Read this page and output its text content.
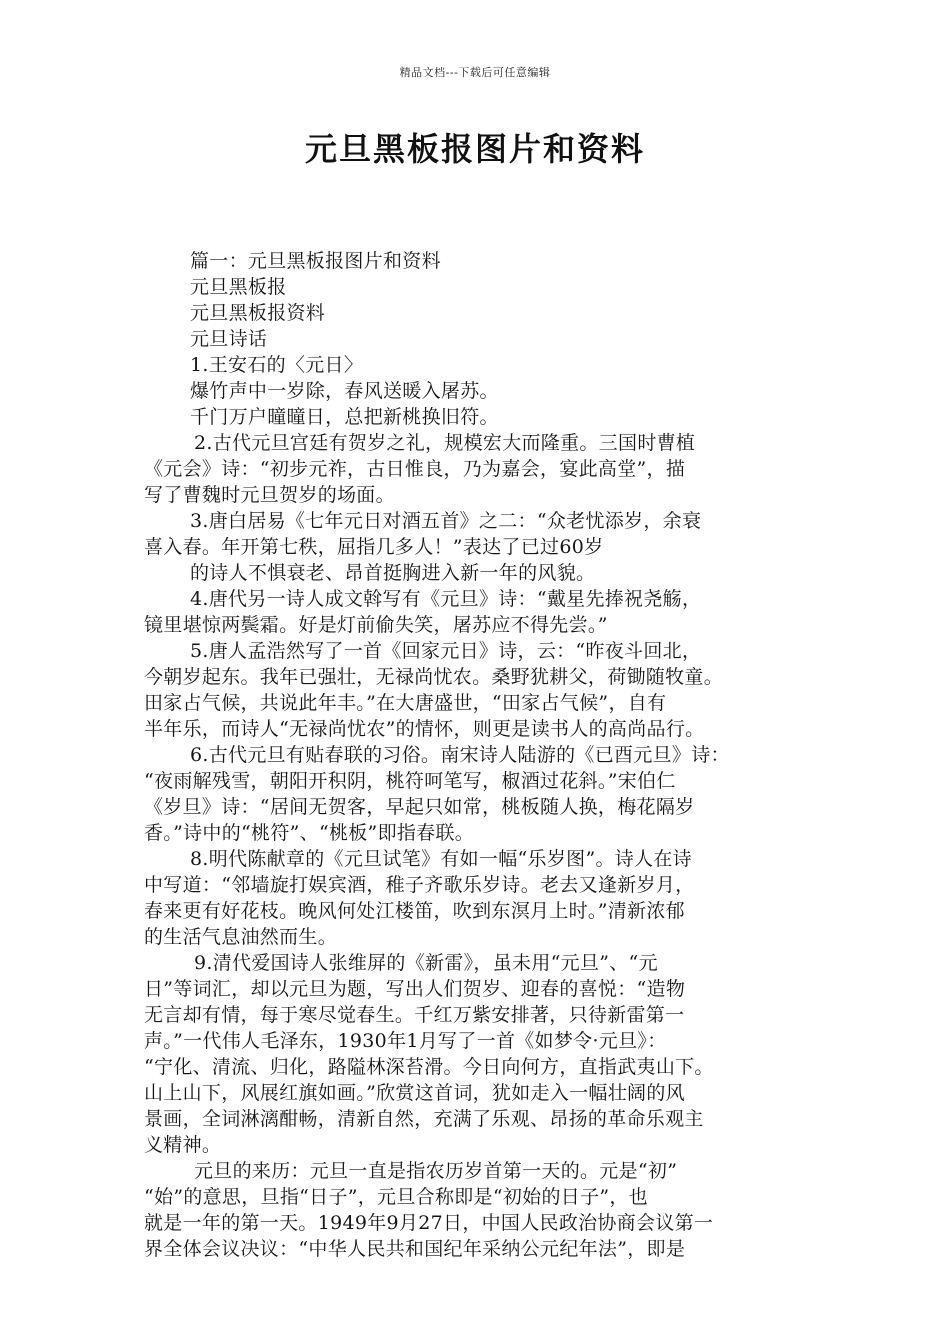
精品文档---下载后可任意编辑
元旦黑板报图片和资料
篇一：元旦黑板报图片和资料
元旦黑板报
元旦黑板报资料
元旦诗话
1.王安石的〈元日〉
爆竹声中一岁除，春风送暖入屠苏。
千门万户曈曈日，总把新桃换旧符。
2.古代元旦宫廷有贺岁之礼，规模宏大而隆重。三国时曹植
《元会》诗：“初步元祚，古日惟良，乃为嘉会，宴此高堂”，描
写了曹魏时元旦贺岁的场面。
3.唐白居易《七年元日对酒五首》之二：“众老忧添岁，余衰
喜入春。年开第七秩，屈指几多人！”表达了已过60岁
的诗人不惧衰老、昂首挺胸进入新一年的风貌。
4.唐代另一诗人成文斡写有《元旦》诗：“戴星先捧祝尧觞，
镜里堪惊两鬓霜。好是灯前偷失笑，屠苏应不得先尝。”
5.唐人孟浩然写了一首《回家元日》诗，云：“昨夜斗回北，
今朝岁起东。我年已强壮，无禄尚忧农。桑野犹耕父，荷锄随牧童。
田家占气候，共说此年丰。”在大唐盛世，“田家占气候”，自有
半年乐，而诗人“无禄尚忧农”的情怀，则更是读书人的高尚品行。
6.古代元旦有贴春联的习俗。南宋诗人陆游的《已酉元旦》诗：
“夜雨解残雪，朝阳开积阴，桃符呵笔写，椒酒过花斜。”宋伯仁
《岁旦》诗：“居间无贺客，早起只如常，桃板随人换，梅花隔岁
香。”诗中的“桃符”、“桃板”即指春联。
8.明代陈献章的《元旦试笔》有如一幅“乐岁图”。诗人在诗
中写道：“邻墙旋打娱宾酒，稚子齐歌乐岁诗。老去又逢新岁月，
春来更有好花枝。晚风何处江楼笛，吹到东溟月上时。”清新浓郁
的生活气息油然而生。
9.清代爱国诗人张维屏的《新雷》，虽未用“元旦”、“元
日”等词汇，却以元旦为题，写出人们贺岁、迎春的喜悦：“造物
无言却有情，每于寒尽觉春生。千红万紫安排著，只待新雷第一
声。”一代伟人毛泽东，1930年1月写了一首《如梦令·元旦》：
“宁化、清流、归化，路隘林深苔滑。今日向何方，直指武夷山下。
山上山下，风展红旗如画。”欣赏这首词，犹如走入一幅壮阔的风
景画，全词淋漓酣畅，清新自然，充满了乐观、昂扬的革命乐观主
义精神。
元旦的来历：元旦一直是指农历岁首第一天的。元是“初”
“始”的意思，旦指“日子”，元旦合称即是“初始的日子”，也
就是一年的第一天。1949年9月27日，中国人民政治协商会议第一
界全体会议决议：“中华人民共和国纪年采纳公元纪年法”，即是
